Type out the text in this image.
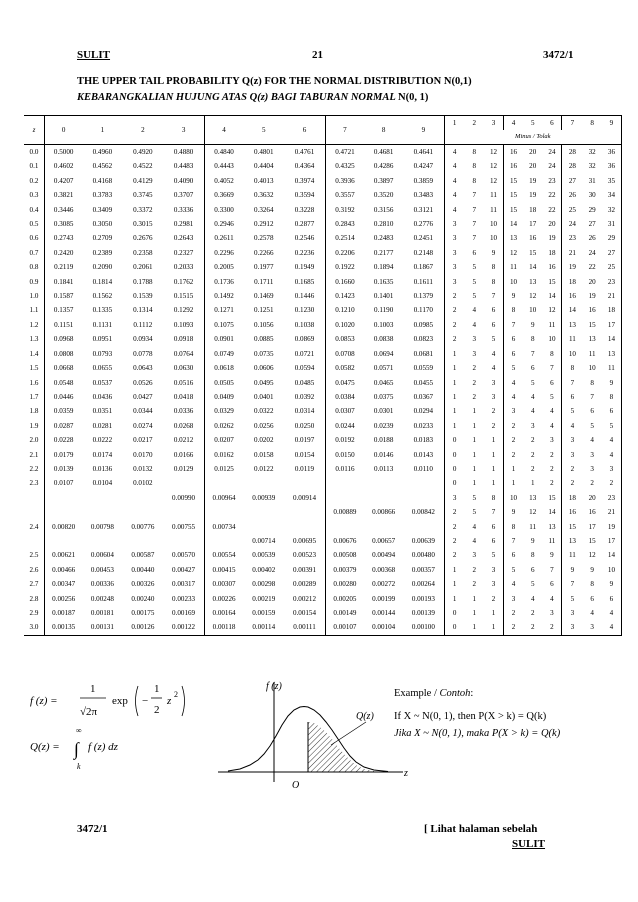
SULIT	21	3472/1
THE UPPER TAIL PROBABILITY Q(z) FOR THE NORMAL DISTRIBUTION N(0,1)
KEBARANGKALIAN HUJUNG ATAS Q(z) BAGI TABURAN NORMAL N(0, 1)
z	0	1	2	3	4	5	6	7	8	9	1	2	3	4	5	6	7	8	9
											Minus / Tolak								
0.0	0.5000	0.4960	0.4920	0.4880	0.4840	0.4801	0.4761	0.4721	0.4681	0.4641	4	8	12	16	20	24	28	32	36
0.1	0.4602	0.4562	0.4522	0.4483	0.4443	0.4404	0.4364	0.4325	0.4286	0.4247	4	8	12	16	20	24	28	32	36
0.2	0.4207	0.4168	0.4129	0.4090	0.4052	0.4013	0.3974	0.3936	0.3897	0.3859	4	8	12	15	19	23	27	31	35
0.3	0.3821	0.3783	0.3745	0.3707	0.3669	0.3632	0.3594	0.3557	0.3520	0.3483	4	7	11	15	19	22	26	30	34
0.4	0.3446	0.3409	0.3372	0.3336	0.3300	0.3264	0.3228	0.3192	0.3156	0.3121	4	7	11	15	18	22	25	29	32
0.5	0.3085	0.3050	0.3015	0.2981	0.2946	0.2912	0.2877	0.2843	0.2810	0.2776	3	7	10	14	17	20	24	27	31
0.6	0.2743	0.2709	0.2676	0.2643	0.2611	0.2578	0.2546	0.2514	0.2483	0.2451	3	7	10	13	16	19	23	26	29
0.7	0.2420	0.2389	0.2358	0.2327	0.2296	0.2266	0.2236	0.2206	0.2177	0.2148	3	6	9	12	15	18	21	24	27
0.8	0.2119	0.2090	0.2061	0.2033	0.2005	0.1977	0.1949	0.1922	0.1894	0.1867	3	5	8	11	14	16	19	22	25
0.9	0.1841	0.1814	0.1788	0.1762	0.1736	0.1711	0.1685	0.1660	0.1635	0.1611	3	5	8	10	13	15	18	20	23
1.0	0.1587	0.1562	0.1539	0.1515	0.1492	0.1469	0.1446	0.1423	0.1401	0.1379	2	5	7	9	12	14	16	19	21
1.1	0.1357	0.1335	0.1314	0.1292	0.1271	0.1251	0.1230	0.1210	0.1190	0.1170	2	4	6	8	10	12	14	16	18
1.2	0.1151	0.1131	0.1112	0.1093	0.1075	0.1056	0.1038	0.1020	0.1003	0.0985	2	4	6	7	9	11	13	15	17
1.3	0.0968	0.0951	0.0934	0.0918	0.0901	0.0885	0.0869	0.0853	0.0838	0.0823	2	3	5	6	8	10	11	13	14
1.4	0.0808	0.0793	0.0778	0.0764	0.0749	0.0735	0.0721	0.0708	0.0694	0.0681	1	3	4	6	7	8	10	11	13
1.5	0.0668	0.0655	0.0643	0.0630	0.0618	0.0606	0.0594	0.0582	0.0571	0.0559	1	2	4	5	6	7	8	10	11
1.6	0.0548	0.0537	0.0526	0.0516	0.0505	0.0495	0.0485	0.0475	0.0465	0.0455	1	2	3	4	5	6	7	8	9
1.7	0.0446	0.0436	0.0427	0.0418	0.0409	0.0401	0.0392	0.0384	0.0375	0.0367	1	2	3	4	4	5	6	7	8
1.8	0.0359	0.0351	0.0344	0.0336	0.0329	0.0322	0.0314	0.0307	0.0301	0.0294	1	1	2	3	4	4	5	6	6
1.9	0.0287	0.0281	0.0274	0.0268	0.0262	0.0256	0.0250	0.0244	0.0239	0.0233	1	1	2	2	3	4	4	5	5
2.0	0.0228	0.0222	0.0217	0.0212	0.0207	0.0202	0.0197	0.0192	0.0188	0.0183	0	1	1	2	2	3	3	4	4
2.1	0.0179	0.0174	0.0170	0.0166	0.0162	0.0158	0.0154	0.0150	0.0146	0.0143	0	1	1	2	2	2	3	3	4
2.2	0.0139	0.0136	0.0132	0.0129	0.0125	0.0122	0.0119	0.0116	0.0113	0.0110	0	1	1	1	2	2	2	3	3
2.3	0.0107	0.0104	0.0102								0	1	1	1	1	2	2	2	2
				0.00990	0.00964	0.00939	0.00914				3	5	8	10	13	15	18	20	23
								0.00889	0.00866	0.00842	2	5	7	9	12	14	16	16	21
2.4	0.00820	0.00798	0.00776	0.00755	0.00734						2	4	6	8	11	13	15	17	19
						0.00714	0.00695	0.00676	0.00657	0.00639	2	4	6	7	9	11	13	15	17
2.5	0.00621	0.00604	0.00587	0.00570	0.00554	0.00539	0.00523	0.00508	0.00494	0.00480	2	3	5	6	8	9	11	12	14
2.6	0.00466	0.00453	0.00440	0.00427	0.00415	0.00402	0.00391	0.00379	0.00368	0.00357	1	2	3	5	6	7	9	9	10
2.7	0.00347	0.00336	0.00326	0.00317	0.00307	0.00298	0.00289	0.00280	0.00272	0.00264	1	2	3	4	5	6	7	8	9
2.8	0.00256	0.00248	0.00240	0.00233	0.00226	0.00219	0.00212	0.00205	0.00199	0.00193	1	1	2	3	4	4	5	6	6
2.9	0.00187	0.00181	0.00175	0.00169	0.00164	0.00159	0.00154	0.00149	0.00144	0.00139	0	1	1	2	2	3	3	4	4
3.0	0.00135	0.00131	0.00126	0.00122	0.00118	0.00114	0.00111	0.00107	0.00104	0.00100	0	1	1	2	2	2	3	3	4
f (z) =
1
√2π
exp −
1
2
z
2
Q(z) =
∞
∫
k
f (z) dz
f (z)
Q(z)
O
z
Example / Contoh:
If X ~ N(0, 1), then P(X > k) = Q(k)
Jika X ~ N(0, 1), maka P(X > k) = Q(k)
3472/1	[ Lihat halaman sebelah
SULIT
